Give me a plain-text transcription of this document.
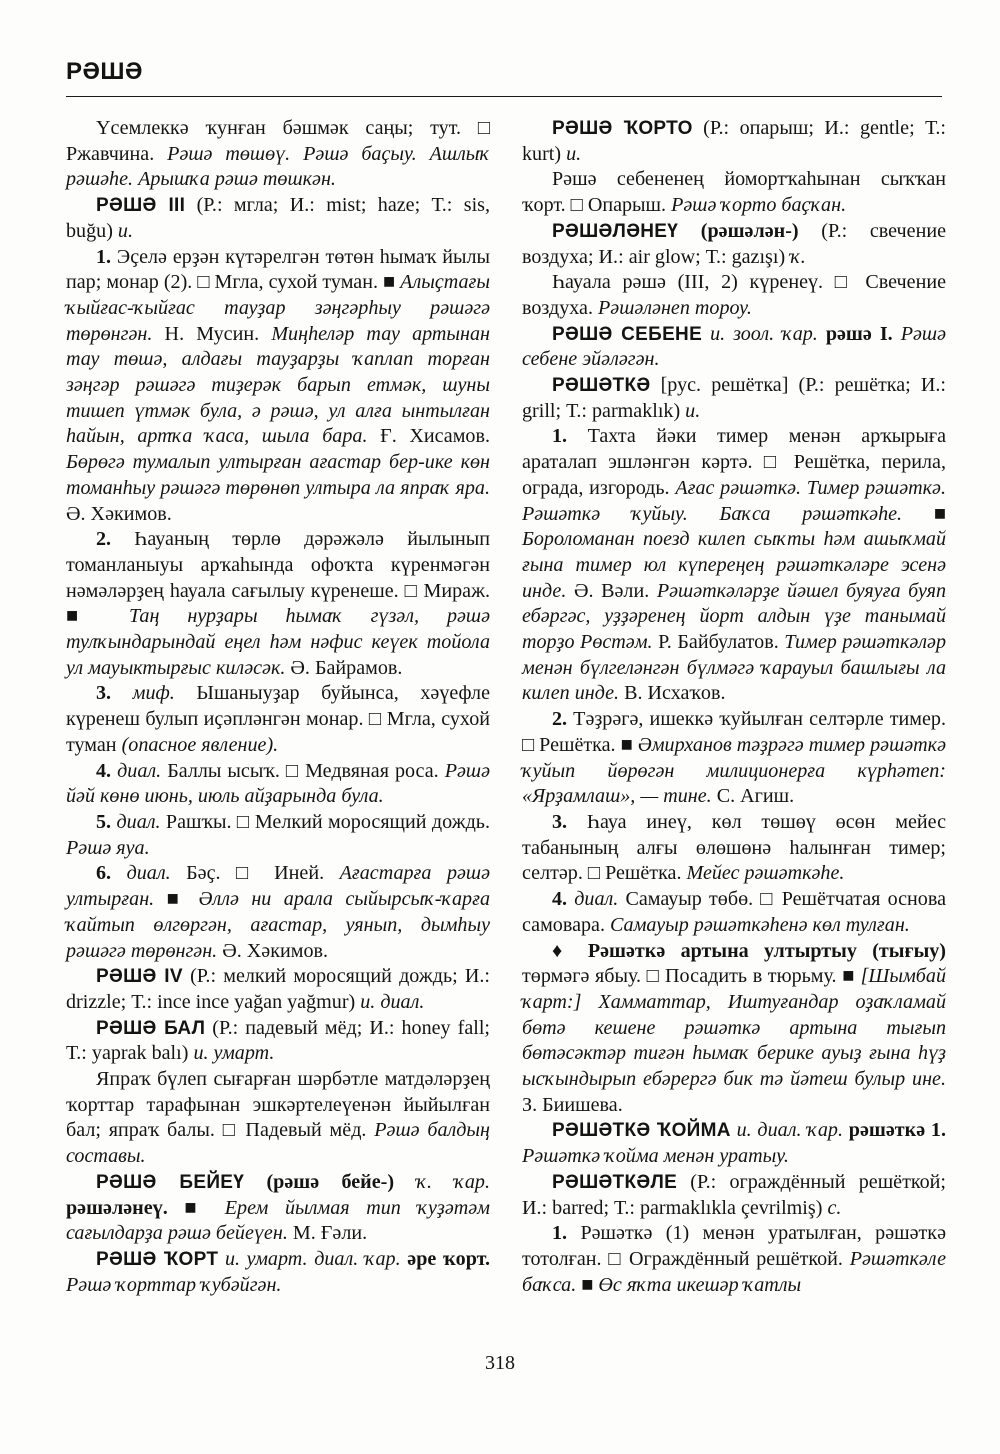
РӘШӘ

Үсемлеккә ҡунған бәшмәк саңы; тут. □ Ржавчина. Рәшә төшөү. Рәшә баҫыу. Ашлыҡ рәшәһе. Арышҡа рәшә төшкән.

РӘШӘ III (Р.: мгла; И.: mist; haze; Т.: sis, buğu) и.

1. Эҫелә ерҙән күтәрелгән төтөн һымаҡ йылы пар; монар (2). □ Мгла, сухой туман. ■ Алыҫтағы ҡыйғас-ҡыйғас тауҙар зәңгәрһыу рәшәгә төрөнгән. Н. Мусин. Миңһеләр тау артынан тау төшә, алдағы тауҙарҙы ҡаплап торған зәңгәр рәшәгә тиҙерәк барып етмәк, шуны тишеп үтмәк була, ә рәшә, ул алға ынтылған һайын, артҡа ҡаса, шыла бара. Ғ. Хисамов. Бөрөгә тумалып ултырған ағастар бер-ике көн томанһыу рәшәгә төрөнөп ултыра ла япраҡ яра. Ә. Хәкимов.

2. Һауаның төрлө дәрәжәлә йылынып томанланыуы арҡаһында офоҡта күренмәгән нәмәләрҙең һауала сағылыу күренеше. □ Мираж. ■ Таң нурҙары һымаҡ гүзәл, рәшә тулҡындарындай еңел һәм нәфис кеүек тойола ул мауыктырғыс киләсәк. Ә. Байрамов.

3. миф. Ышаныуҙар буйынса, хәүефле күренеш булып иҫәпләнгән монар. □ Мгла, сухой туман (опасное явление).

4. диал. Баллы ысыҡ. □ Медвяная роса. Рәшә йәй көнө июнь, июль айҙарында була.

5. диал. Рашҡы. □ Мелкий моросящий дождь. Рәшә яуа.

6. диал. Бәҫ. □ Иней. Ағастарға рәшә ултырған. ■ Әллә ни арала сыйырсыҡ-ҡарға ҡайтып өлгөргән, ағастар, уянып, дымһыу рәшәгә төрөнгән. Ә. Хәкимов.

РӘШӘ IV (Р.: мелкий моросящий дождь; И.: drizzle; Т.: ince ince yağan yağmur) и. диал.

РӘШӘ БАЛ (Р.: падевый мёд; И.: honey fall; Т.: yaprak balı) и. умарт.

Япраҡ бүлеп сығарған шәрбәтле матдәләрҙең ҡорттар тарафынан эшкәртелеүенән йыйылған бал; япраҡ балы. □ Падевый мёд. Рәшә балдың составы.

РӘШӘ БЕЙЕҮ (рәшә бейе-) ҡ. ҡар. рәшәләнеү. ■ Ерем йылмая тип ҡуҙәтәм сағылдарҙа рәшә бейеүен. М. Ғәли.

РӘШӘ ҠОРТ и. умарт. диал. ҡар. әре ҡорт. Рәшә ҡорттар ҡубәйгән.

РӘШӘ ҠОРТО (Р.: опарыш; И.: gentle; Т.: kurt) и.

Рәшә себененең йомортҡаһынан сыҡҡан ҡорт. □ Опарыш. Рәшә ҡорто баҫҡан.

РӘШӘЛӘНЕҮ (рәшәлән-) (Р.: свечение воздуха; И.: air glow; Т.: gazışı) ҡ.

Һауала рәшә (III, 2) күренеү. □ Свечение воздуха. Рәшәләнеп тороу.

РӘШӘ СЕБЕНЕ и. зоол. ҡар. рәшә I. Рәшә себене эйәләгән.

РӘШӘТКӘ [рус. решётка] (Р.: решётка; И.: grill; Т.: parmaklık) и.

1. Тахта йәки тимер менән арҡырыға араталап эшләнгән кәртә. □ Решётка, перила, ограда, изгородь. Ағас рәшәткә. Тимер рәшәткә. Рәшәткә ҡуйыу. Баҡса рәшәткәһе. ■ Бороломанан поезд килеп сыҡты һәм ашыҡмай ғына тимер юл күпереңең рәшәткәләре эсенә инде. Ә. Вәли. Рәшәткәләрҙе йәшел буяуға буяп ебәргәс, уҙҙәренең йорт алдын үҙе танымай торҙо Рөстәм. Р. Байбулатов. Тимер рәшәткәләр менән бүлгеләнгән бүлмәгә ҡарауыл башлығы ла килеп инде. В. Исхаҡов.

2. Тәҙрәгә, ишеккә ҡуйылған селтәрле тимер. □ Решётка. ■ Әмирханов тәҙрәгә тимер рәшәткә ҡуйып йөрөгән милиционерға күрһәтеп: «Ярҙамлаш», — тине. С. Агиш.

3. Һауа инеү, көл төшөү өсөн мейес табанының алғы өлөшөнә һалынған тимер; селтәр. □ Решётка. Мейес рәшәткәһе.

4. диал. Самауыр төбө. □ Решётчатая основа самовара. Самауыр рәшәткәһенә көл тулған.

♦ Рәшәткә артына ултыртыу (тығыу) төрмәгә ябыу. □ Посадить в тюрьму. ■ [Шымбай ҡарт:] Хамматтар, Иштуғандар оҙаҡламай бөтә кешене рәшәткә артына тығып бөтәсәктәр тиғән һымаҡ берике ауыҙ ғына һүҙ ысҡындырып ебәрергә бик тә йәтеш булыр ине. З. Биишева.

РӘШӘТКӘ ҠОЙМА и. диал. ҡар. рәшәткә 1. Рәшәткә ҡойма менән уратыу.

РӘШӘТКӘЛЕ (Р.: ограждённый решёткой; И.: barred; Т.: parmaklıkla çevrilmiş) с.

1. Рәшәткә (1) менән уратылған, рәшәткә тотолған. □ Ограждённый решёткой. Рәшәткәле баҡса. ■ Өс яҡта икешәр ҡатлы

318
